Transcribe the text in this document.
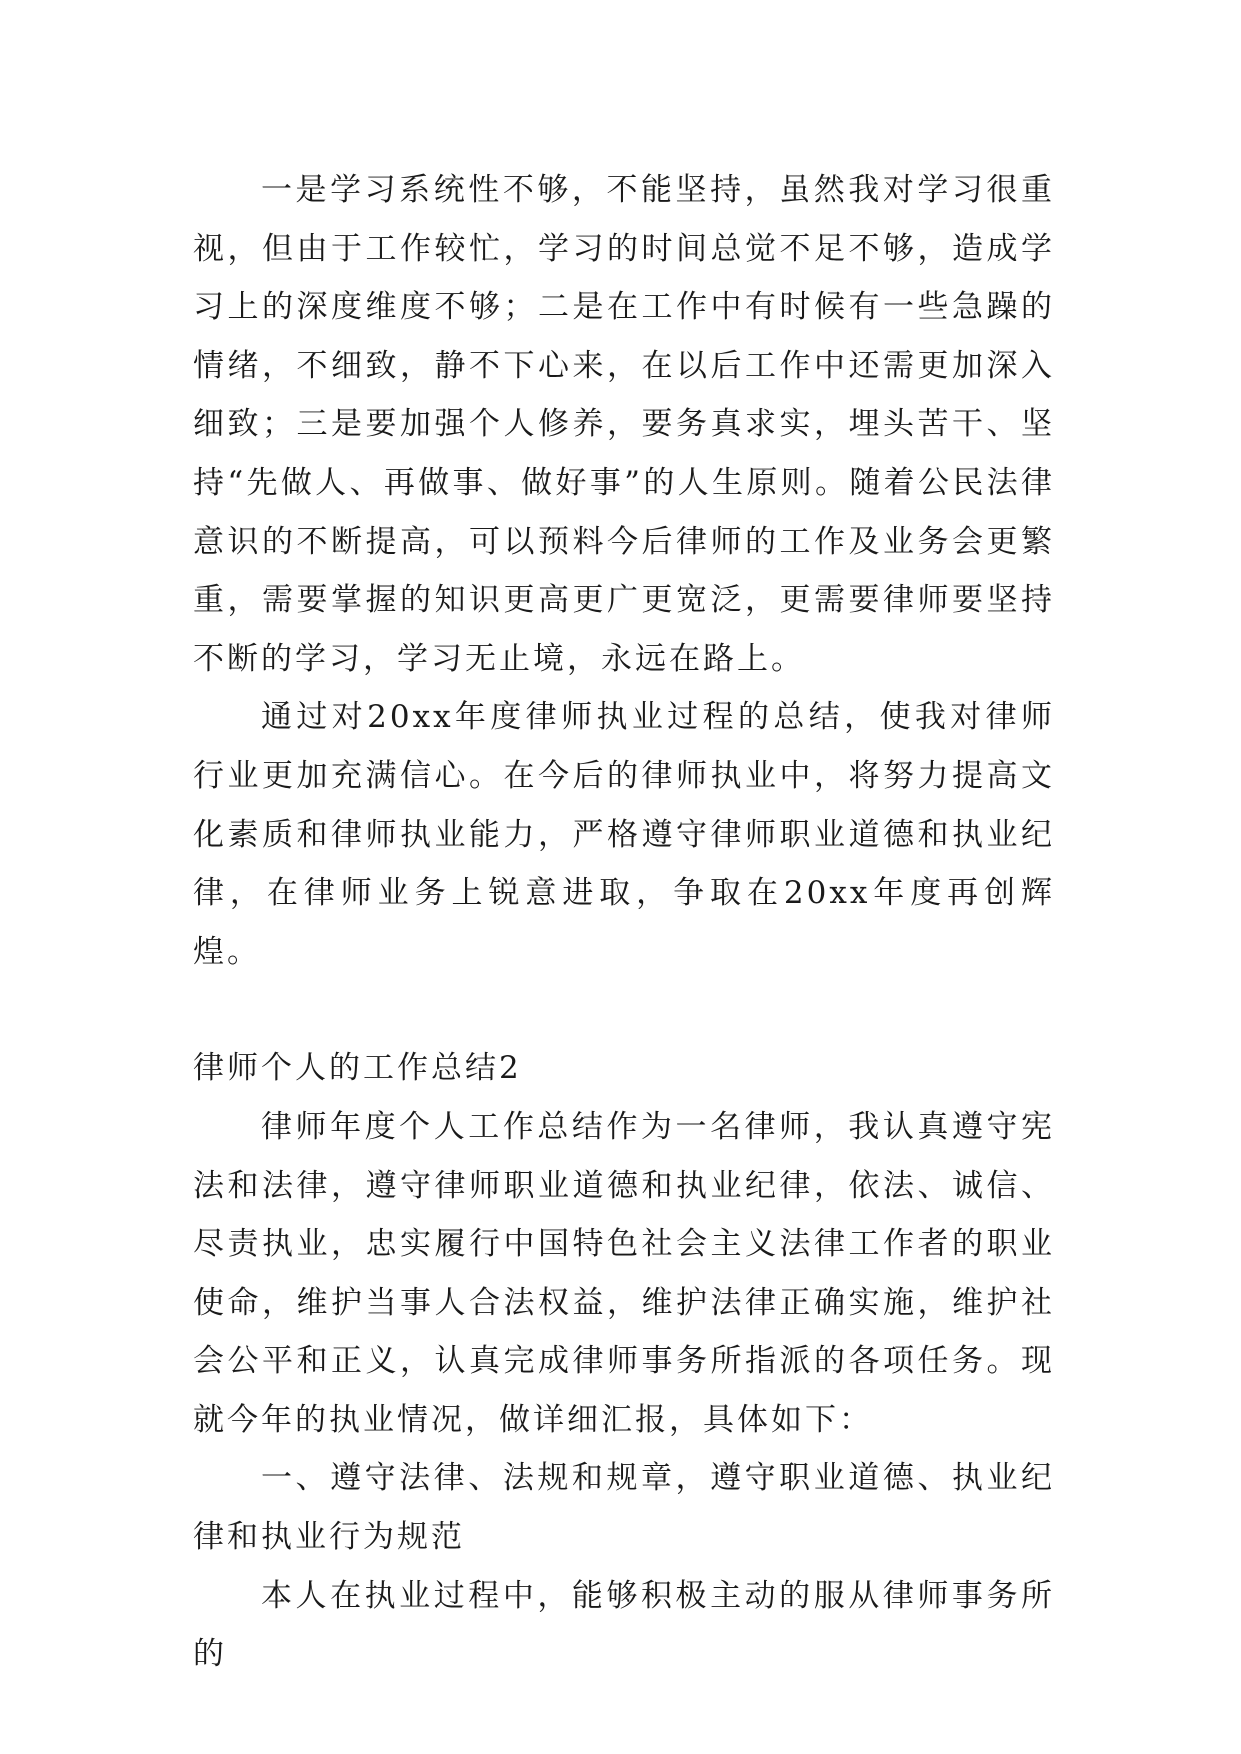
一是学习系统性不够，不能坚持，虽然我对学习很重视，但由于工作较忙，学习的时间总觉不足不够，造成学习上的深度维度不够；二是在工作中有时候有一些急躁的情绪，不细致，静不下心来，在以后工作中还需更加深入细致；三是要加强个人修养，要务真求实，埋头苦干、坚持“先做人、再做事、做好事”的人生原则。随着公民法律意识的不断提高，可以预料今后律师的工作及业务会更繁重，需要掌握的知识更高更广更宽泛，更需要律师要坚持不断的学习，学习无止境，永远在路上。

通过对20xx年度律师执业过程的总结，使我对律师行业更加充满信心。在今后的律师执业中，将努力提高文化素质和律师执业能力，严格遵守律师职业道德和执业纪律，在律师业务上锐意进取，争取在20xx年度再创辉煌。

律师个人的工作总结2

律师年度个人工作总结作为一名律师，我认真遵守宪法和法律，遵守律师职业道德和执业纪律，依法、诚信、尽责执业，忠实履行中国特色社会主义法律工作者的职业使命，维护当事人合法权益，维护法律正确实施，维护社会公平和正义，认真完成律师事务所指派的各项任务。现就今年的执业情况，做详细汇报，具体如下：

一、遵守法律、法规和规章，遵守职业道德、执业纪律和执业行为规范

本人在执业过程中，能够积极主动的服从律师事务所的
